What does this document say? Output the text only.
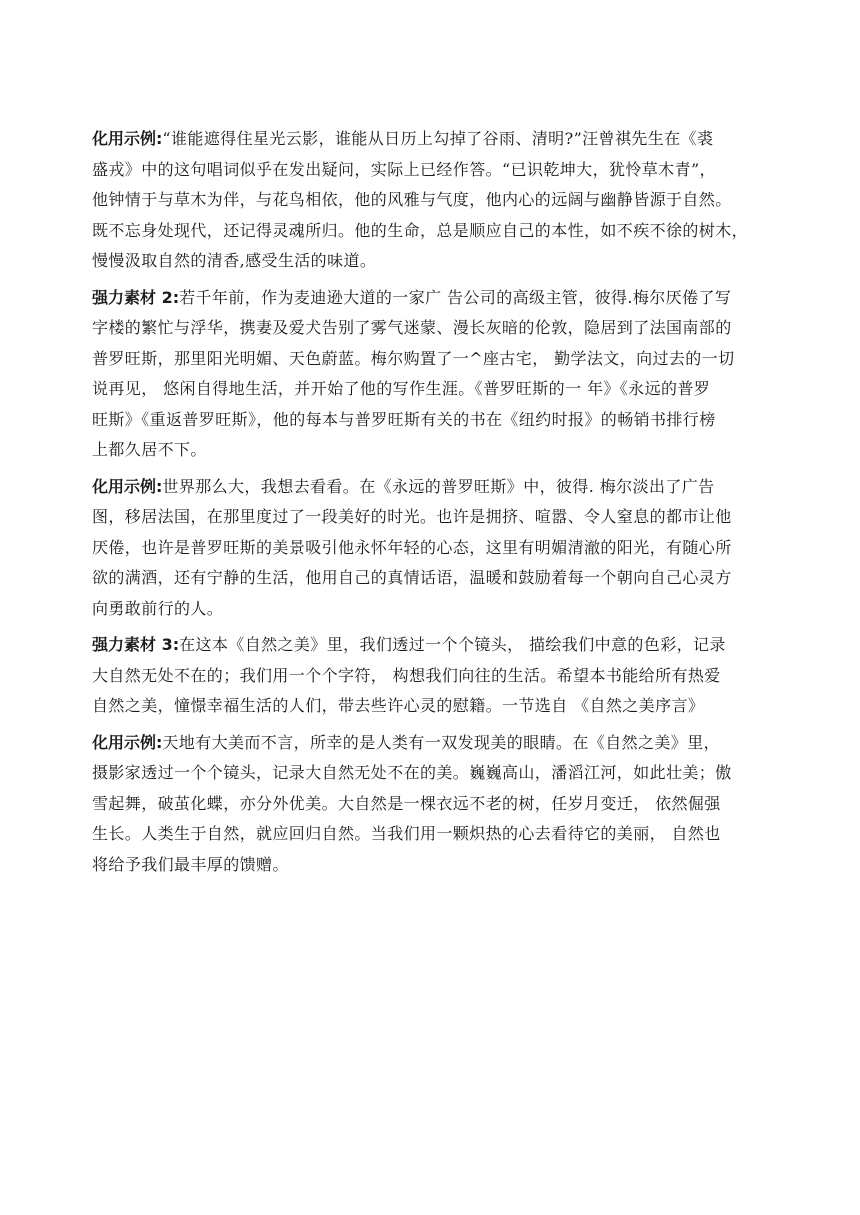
化用示例:“谁能遮得住星光云影，谁能从日历上勾掉了谷雨、清明?”汪曾祺先生在《裘
盛戎》中的这句唱词似乎在发出疑问，实际上已经作答。“已识乾坤大，犹怜草木青”，
他钟情于与草木为伴，与花鸟相依，他的风雅与气度，他内心的远阔与幽静皆源于自然。
既不忘身处现代，还记得灵魂所归。他的生命，总是顺应自己的本性，如不疾不徐的树木，
慢慢汲取自然的清香,感受生活的味道。
强力素材 2:若千年前，作为麦迪逊大道的一家广 告公司的高级主管，彼得.梅尔厌倦了写
字楼的繁忙与浮华，携妻及爱犬告别了雾气迷蒙、漫长灰暗的伦敦，隐居到了法国南部的
普罗旺斯，那里阳光明媚、天色蔚蓝。梅尔购置了一^座古宅， 勤学法文，向过去的一切
说再见， 悠闲自得地生活，并开始了他的写作生涯。《普罗旺斯的一 年》《永远的普罗
旺斯》《重返普罗旺斯》，他的每本与普罗旺斯有关的书在《纽约时报》的畅销书排行榜
上都久居不下。
化用示例:世界那么大，我想去看看。在《永远的普罗旺斯》中，彼得. 梅尔淡出了广告
图，移居法国，在那里度过了一段美好的时光。也许是拥挤、喧嚣、令人窒息的都市让他
厌倦，也许是普罗旺斯的美景吸引他永怀年轻的心态，这里有明媚清澈的阳光，有随心所
欲的满酒，还有宁静的生活，他用自己的真情话语，温暖和鼓励着每一个朝向自己心灵方
向勇敢前行的人。
强力素材 3:在这本《自然之美》里，我们透过一个个镜头， 描绘我们中意的色彩，记录
大自然无处不在的；我们用一个个字符， 构想我们向往的生活。希望本书能给所有热爱
自然之美，憧憬幸福生活的人们，带去些许心灵的慰籍。一节选自 《自然之美序言》
化用示例:天地有大美而不言，所幸的是人类有一双发现美的眼睛。在《自然之美》里，
摄影家透过一个个镜头，记录大自然无处不在的美。巍巍高山，潘滔江河，如此壮美；傲
雪起舞，破茧化蝶，亦分外优美。大自然是一棵衣远不老的树，任岁月变迁， 依然倔强
生长。人类生于自然，就应回归自然。当我们用一颗炽热的心去看待它的美丽， 自然也
将给予我们最丰厚的馈赠。
